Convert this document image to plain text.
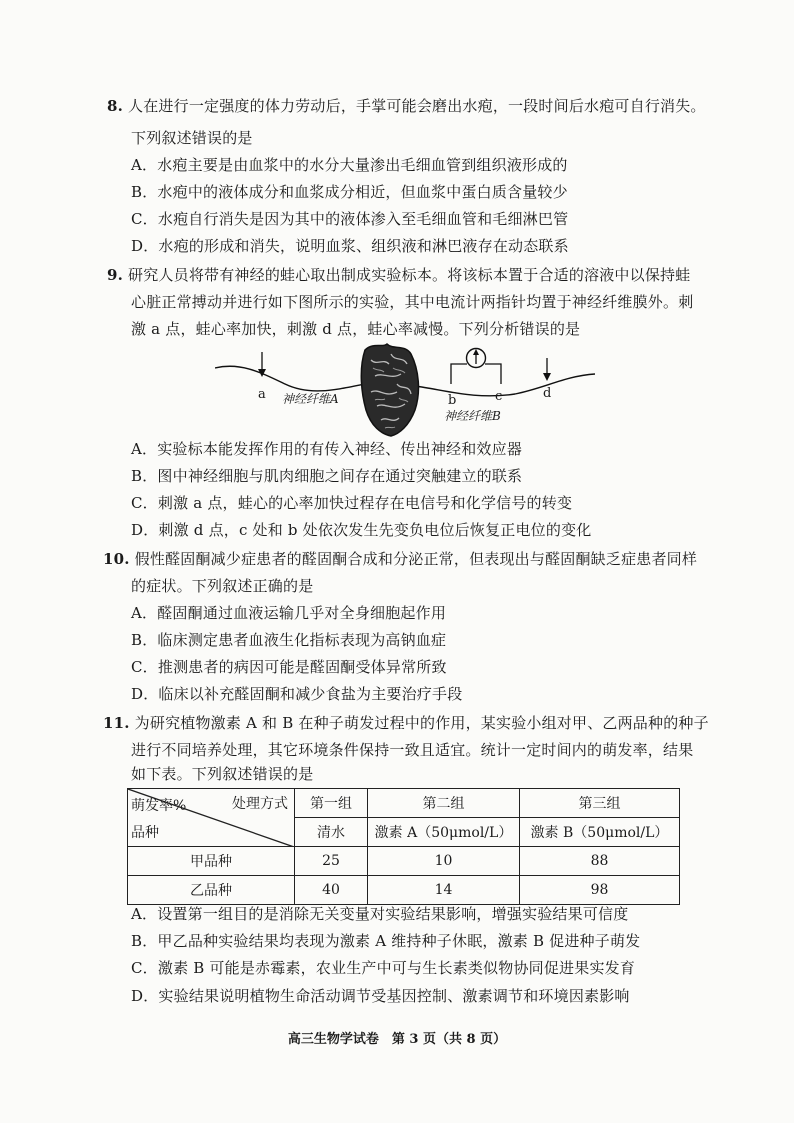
8. 人在进行一定强度的体力劳动后，手掌可能会磨出水疱，一段时间后水疱可自行消失。
下列叙述错误的是
A．水疱主要是由血浆中的水分大量渗出毛细血管到组织液形成的
B．水疱中的液体成分和血浆成分相近，但血浆中蛋白质含量较少
C．水疱自行消失是因为其中的液体渗入至毛细血管和毛细淋巴管
D．水疱的形成和消失，说明血浆、组织液和淋巴液存在动态联系
9. 研究人员将带有神经的蛙心取出制成实验标本。将该标本置于合适的溶液中以保持蛙
心脏正常搏动并进行如下图所示的实验，其中电流计两指针均置于神经纤维膜外。刺
激 a 点，蛙心率加快，刺激 d 点，蛙心率减慢。下列分析错误的是
a 神经纤维A	b	c	d
神经纤维B
A．实验标本能发挥作用的有传入神经、传出神经和效应器
B．图中神经细胞与肌肉细胞之间存在通过突触建立的联系
C．刺激 a 点，蛙心的心率加快过程存在电信号和化学信号的转变
D．刺激 d 点，c 处和 b 处依次发生先变负电位后恢复正电位的变化
10. 假性醛固酮减少症患者的醛固酮合成和分泌正常，但表现出与醛固酮缺乏症患者同样
的症状。下列叙述正确的是
A．醛固酮通过血液运输几乎对全身细胞起作用
B．临床测定患者血液生化指标表现为高钠血症
C．推测患者的病因可能是醛固酮受体异常所致
D．临床以补充醛固酮和减少食盐为主要治疗手段
11. 为研究植物激素 A 和 B 在种子萌发过程中的作用，某实验小组对甲、乙两品种的种子
进行不同培养处理，其它环境条件保持一致且适宜。统计一定时间内的萌发率，结果
如下表。下列叙述错误的是
萌发率% 处理方式
品种	第一组	第二组	第三组
	清水	激素 A（50μmol/L）	激素 B（50μmol/L）
甲品种	25	10	88
乙品种	40	14	98
A．设置第一组目的是消除无关变量对实验结果影响，增强实验结果可信度
B．甲乙品种实验结果均表现为激素 A 维持种子休眠，激素 B 促进种子萌发
C．激素 B 可能是赤霉素，农业生产中可与生长素类似物协同促进果实发育
D．实验结果说明植物生命活动调节受基因控制、激素调节和环境因素影响
高三生物学试卷　第 3 页（共 8 页）
